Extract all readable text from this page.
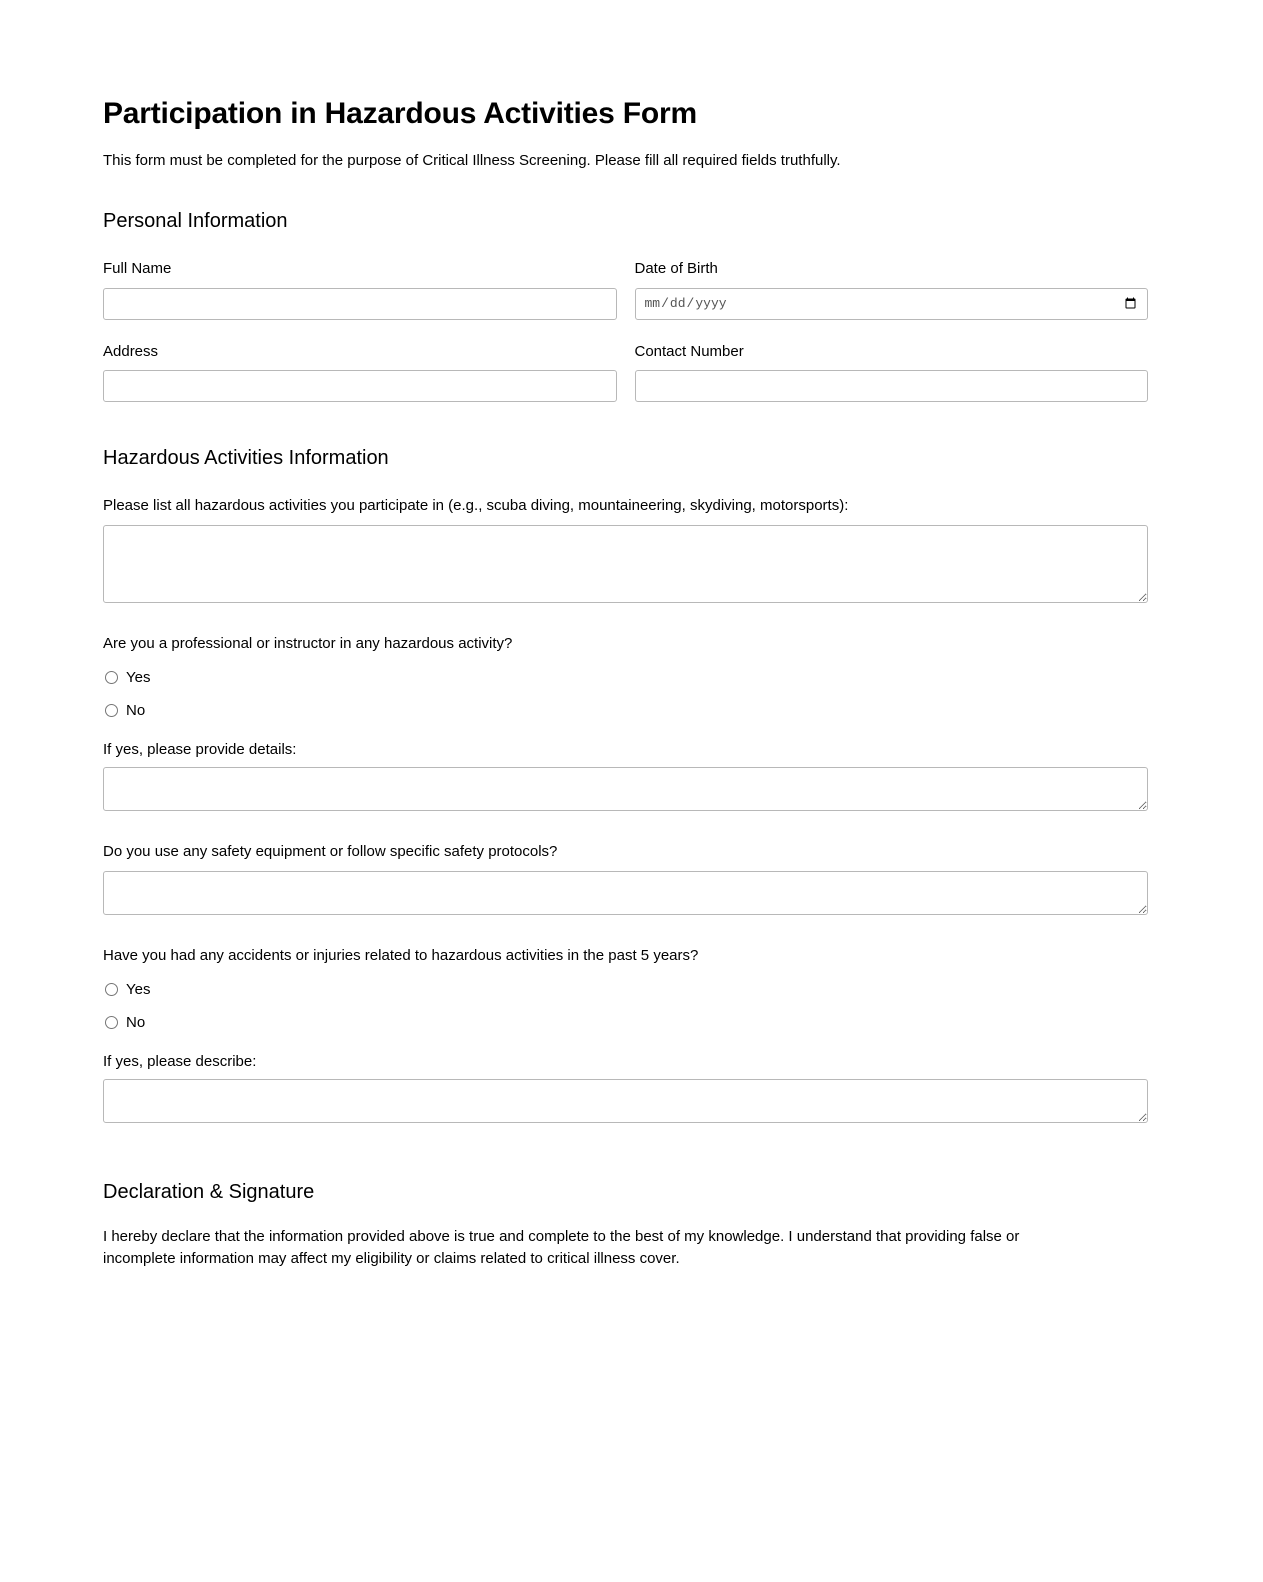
Participation in Hazardous Activities Form

This form must be completed for the purpose of Critical Illness Screening. Please fill all required fields truthfully.

Personal Information
Full Name	Date of Birth
Address	Contact Number
Hazardous Activities Information
Please list all hazardous activities you participate in (e.g., scuba diving, mountaineering, skydiving, motorsports):
Are you a professional or instructor in any hazardous activity?
Yes
No
If yes, please provide details:
Do you use any safety equipment or follow specific safety protocols?
Have you had any accidents or injuries related to hazardous activities in the past 5 years?
Yes
No
If yes, please describe:
Declaration & Signature

I hereby declare that the information provided above is true and complete to the best of my knowledge. I understand that providing false or incomplete information may affect my eligibility or claims related to critical illness cover.
